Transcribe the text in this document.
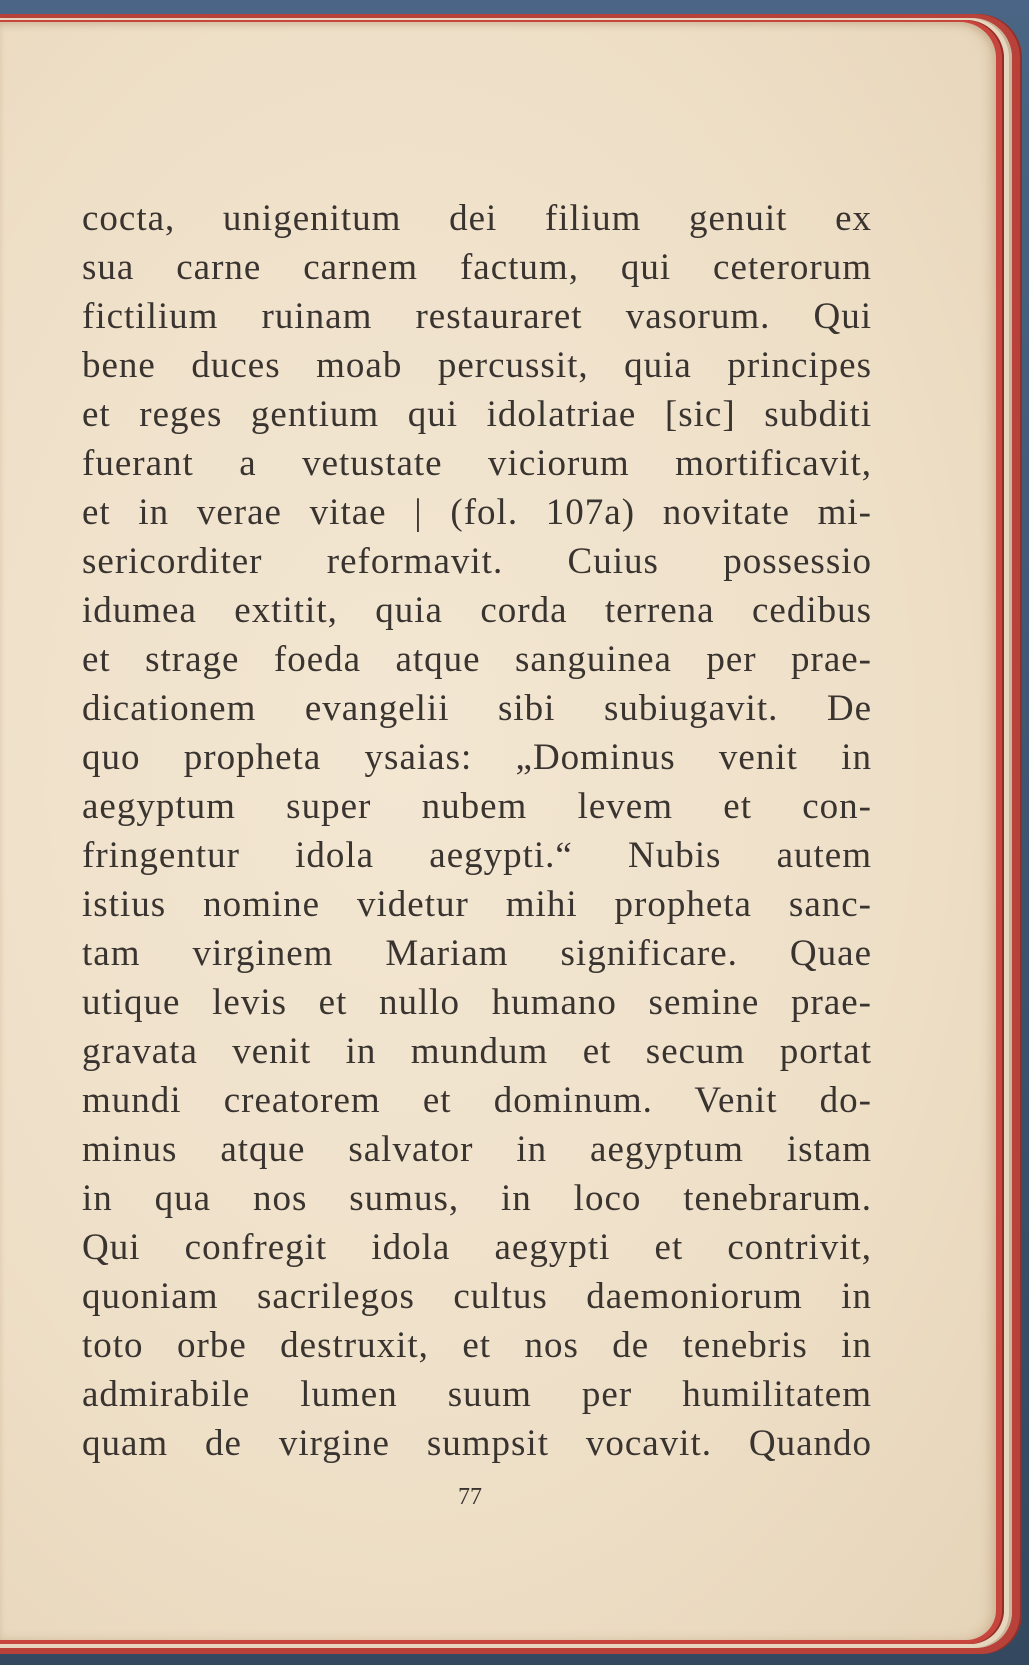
cocta, unigenitum dei filium genuit ex
sua carne carnem factum, qui ceterorum
fictilium ruinam restauraret vasorum. Qui
bene duces moab percussit, quia principes
et reges gentium qui idolatriae [sic] subditi
fuerant a vetustate viciorum mortificavit,
et in verae vitae | (fol. 107a) novitate mi-
sericorditer reformavit. Cuius possessio
idumea extitit, quia corda terrena cedibus
et strage foeda atque sanguinea per prae-
dicationem evangelii sibi subiugavit. De
quo propheta ysaias: „Dominus venit in
aegyptum super nubem levem et con-
fringentur idola aegypti.“ Nubis autem
istius nomine videtur mihi propheta sanc-
tam virginem Mariam significare. Quae
utique levis et nullo humano semine prae-
gravata venit in mundum et secum portat
mundi creatorem et dominum. Venit do-
minus atque salvator in aegyptum istam
in qua nos sumus, in loco tenebrarum.
Qui confregit idola aegypti et contrivit,
quoniam sacrilegos cultus daemoniorum in
toto orbe destruxit, et nos de tenebris in
admirabile lumen suum per humilitatem
quam de virgine sumpsit vocavit. Quando
77
